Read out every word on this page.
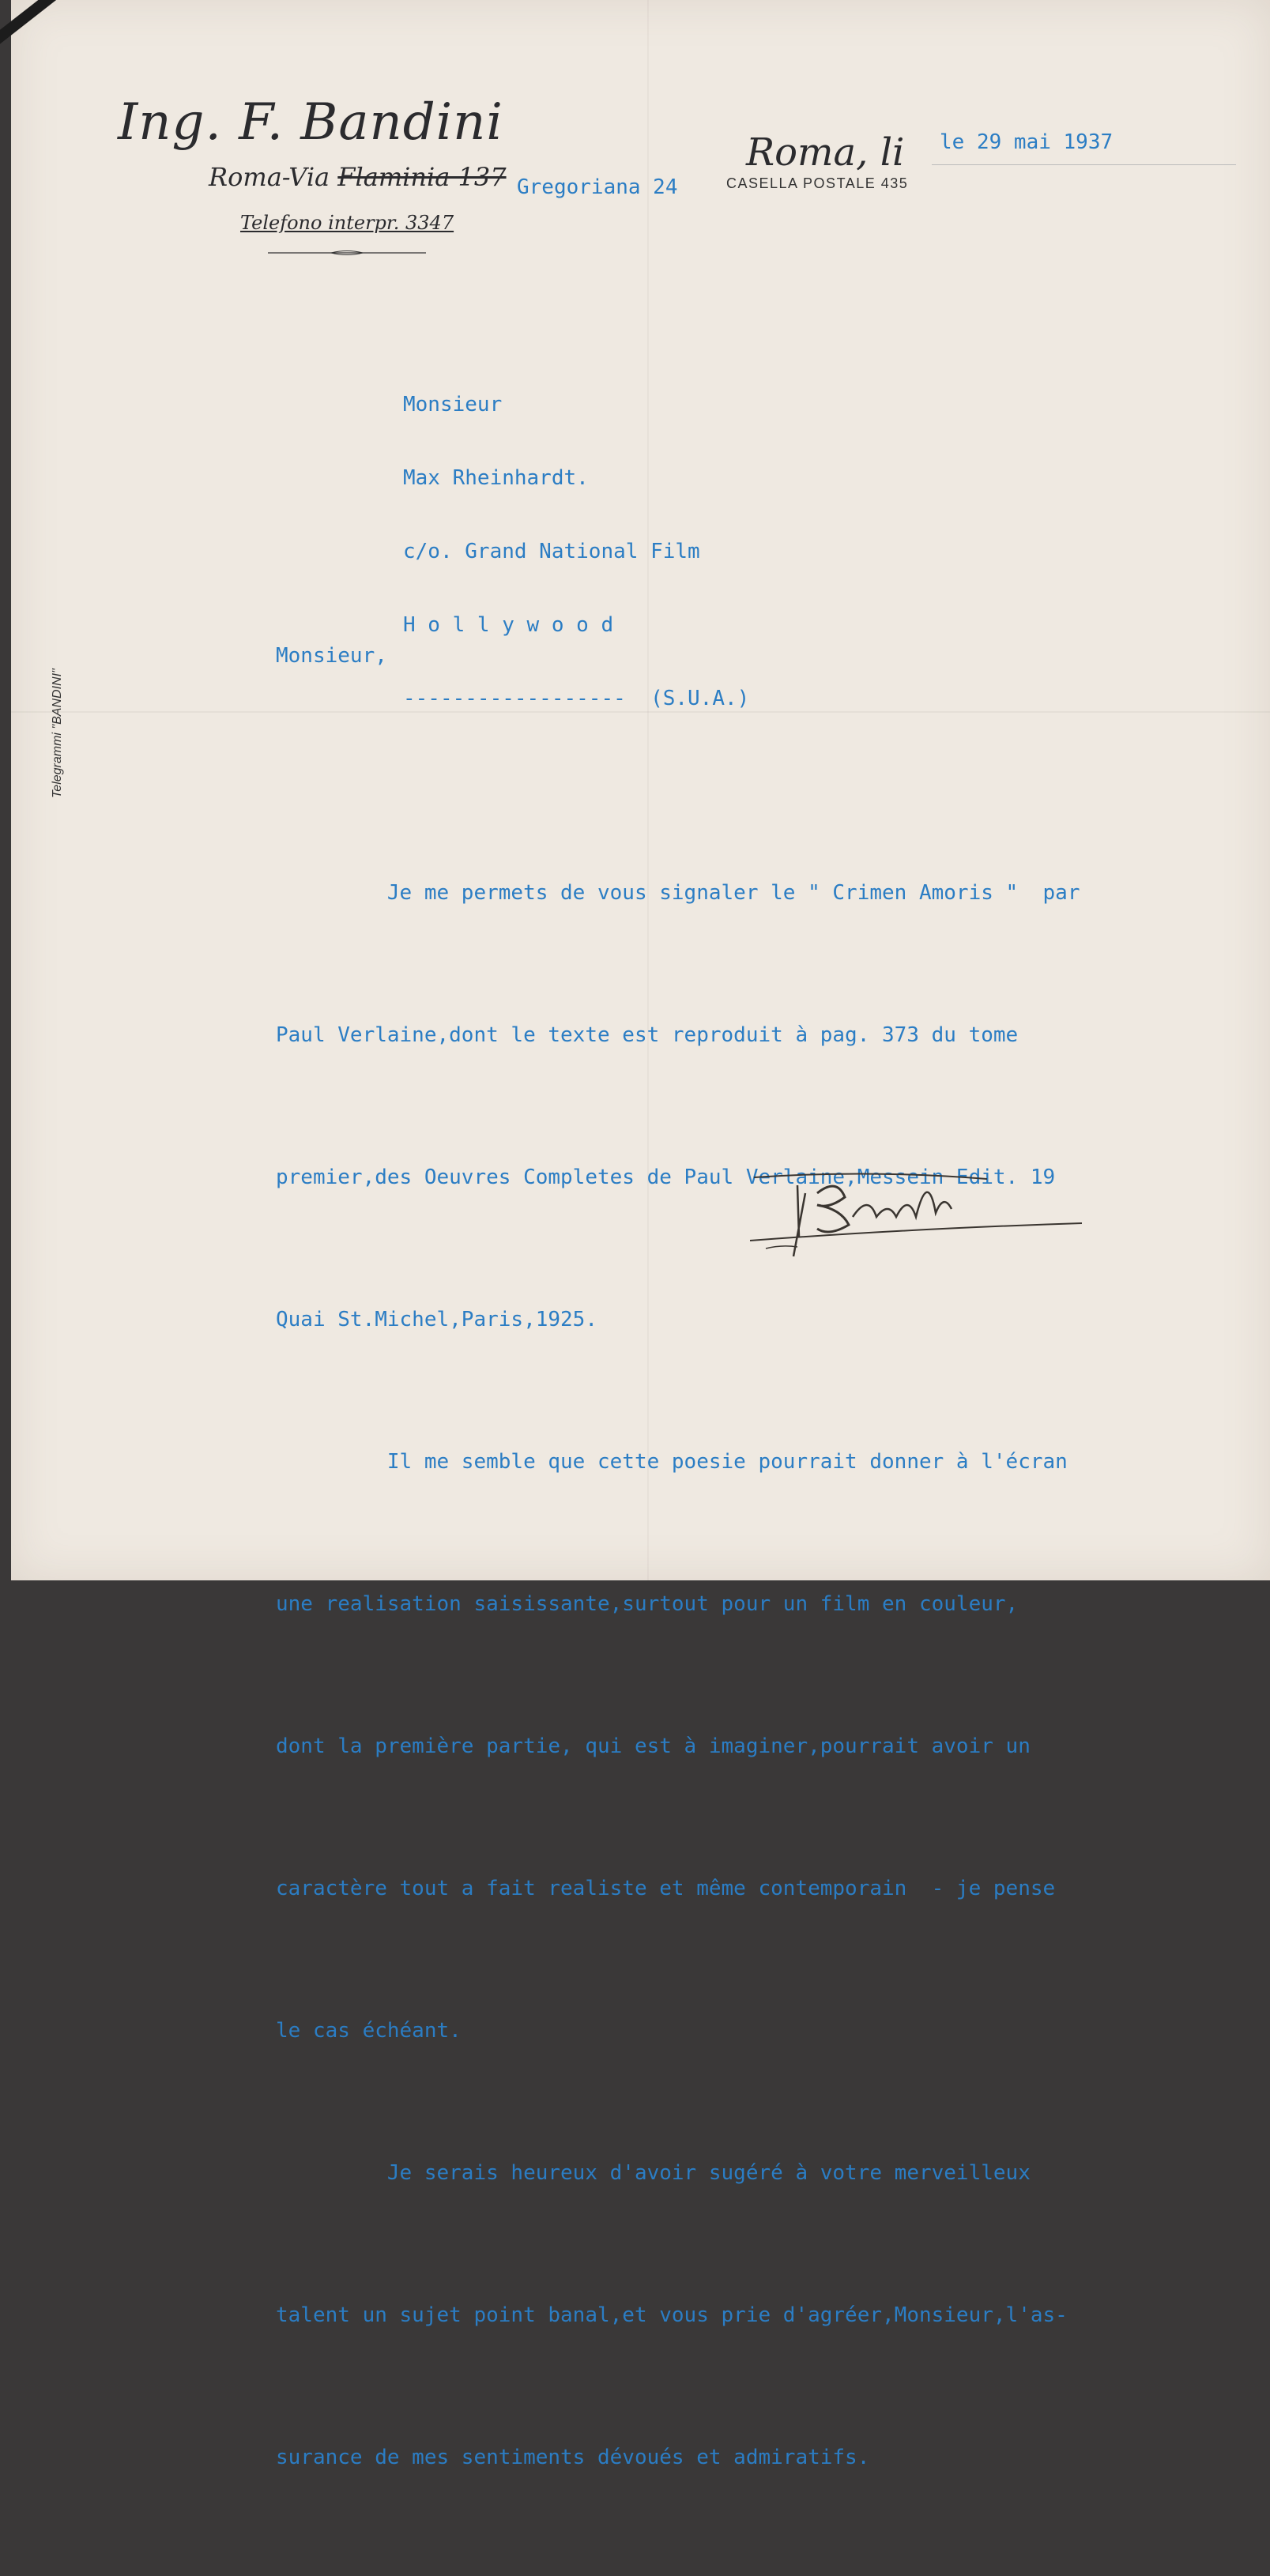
Ing. F. Bandini
Roma-Via Flaminia 137 Gregoriana 24
Telefono interpr. 3347
Roma, li le 29 mai 1937
CASELLA POSTALE 435
Telegrammi "BANDINI"

Monsieur

Max Rheinhardt.

c/o. Grand National Film

H o l l y w o o d

------------------  (S.U.A.)

Monsieur,

Je me permets de vous signaler le " Crimen Amoris "  par

Paul Verlaine,dont le texte est reproduit à pag. 373 du tome

premier,des Oeuvres Completes de Paul Verlaine,Messein Edit. 19

Quai St.Michel,Paris,1925.

Il me semble que cette poesie pourrait donner à l'écran

une realisation saisissante,surtout pour un film en couleur,

dont la première partie, qui est à imaginer,pourrait avoir un

caractère tout a fait realiste et même contemporain  - je pense

le cas échéant.

Je serais heureux d'avoir sugéré à votre merveilleux

talent un sujet point banal,et vous prie d'agréer,Monsieur,l'as-

surance de mes sentiments dévoués et admiratifs.
